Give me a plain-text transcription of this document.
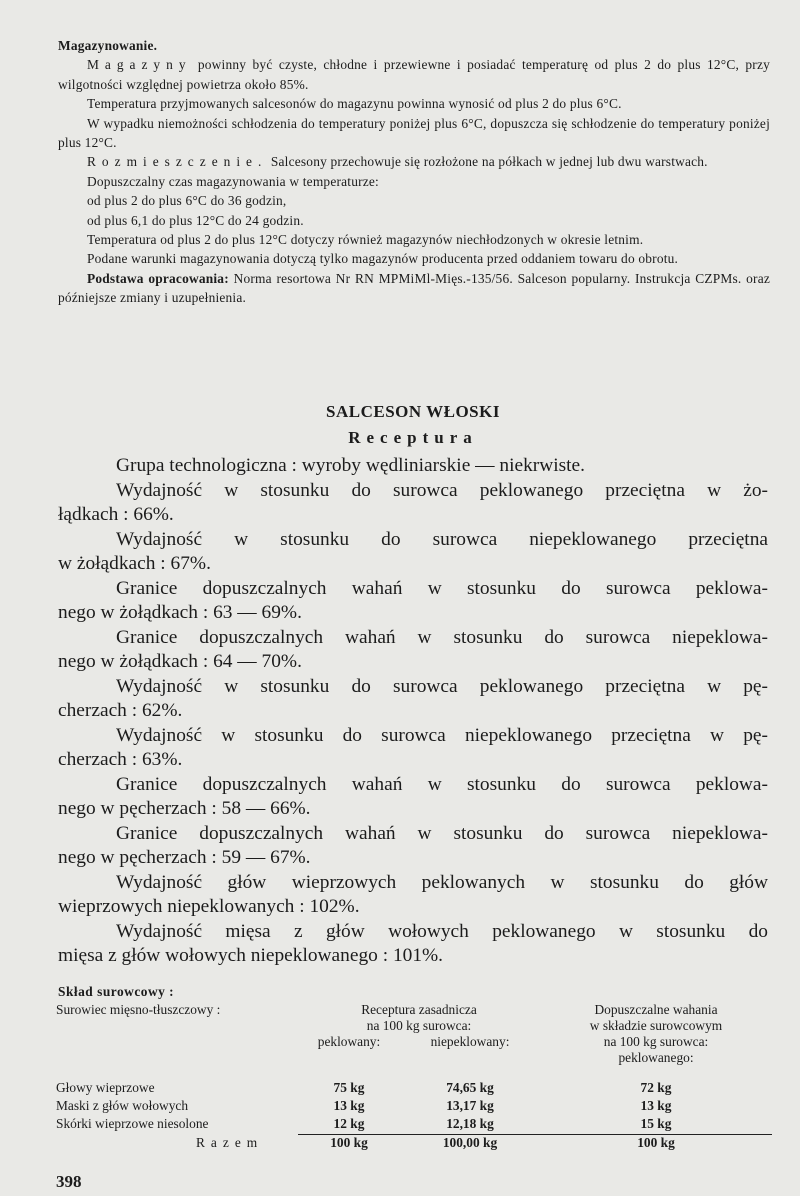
Magazynowanie.

Magazyny powinny być czyste, chłodne i przewiewne i posiadać temperaturę od plus 2 do plus 12°C, przy wilgotności względnej powietrza około 85%.

Temperatura przyjmowanych salcesonów do magazynu powinna wynosić od plus 2 do plus 6°C.

W wypadku niemożności schłodzenia do temperatury poniżej plus 6°C, dopuszcza się schłodzenie do temperatury poniżej plus 12°C.

Rozmieszczenie. Salcesony przechowuje się rozłożone na półkach w jednej lub dwu warstwach.

Dopuszczalny czas magazynowania w temperaturze:

od plus 2 do plus 6°C do 36 godzin,

od plus 6,1 do plus 12°C do 24 godzin.

Temperatura od plus 2 do plus 12°C dotyczy również magazynów niechłodzonych w okresie letnim.

Podane warunki magazynowania dotyczą tylko magazynów producenta przed oddaniem towaru do obrotu.

Podstawa opracowania: Norma resortowa Nr RN MPMiMl-Mięs.-135/56. Salceson popularny. Instrukcja CZPMs. oraz późniejsze zmiany i uzupełnienia.

SALCESON WŁOSKI
Receptura

Grupa technologiczna : wyroby wędliniarskie — niekrwiste.

Wydajność w stosunku do surowca peklowanego przeciętna w żo-

łądkach : 66%.

Wydajność w stosunku do surowca niepeklowanego przeciętna

w żołądkach : 67%.

Granice dopuszczalnych wahań w stosunku do surowca peklowa-

nego w żołądkach : 63 — 69%.

Granice dopuszczalnych wahań w stosunku do surowca niepeklowa-

nego w żołądkach : 64 — 70%.

Wydajność w stosunku do surowca peklowanego przeciętna w pę-

cherzach : 62%.

Wydajność w stosunku do surowca niepeklowanego przeciętna w pę-

cherzach : 63%.

Granice dopuszczalnych wahań w stosunku do surowca peklowa-

nego w pęcherzach : 58 — 66%.

Granice dopuszczalnych wahań w stosunku do surowca niepeklowa-

nego w pęcherzach : 59 — 67%.

Wydajność głów wieprzowych peklowanych w stosunku do głów

wieprzowych niepeklowanych : 102%.

Wydajność mięsa z głów wołowych peklowanego w stosunku do

mięsa z głów wołowych niepeklowanego : 101%.

Skład surowcowy :
Surowiec mięsno-tłuszczowy :	Receptura zasadnicza
na 100 kg surowca:		Dopuszczalne wahania
w składzie surowcowym
	peklowany:	niepeklowany:	na 100 kg surowca:
			peklowanego:

Głowy wieprzowe	75 kg	74,65 kg	72 kg
Maski z głów wołowych	13 kg	13,17 kg	13 kg
Skórki wieprzowe niesolone	12 kg	12,18 kg	15 kg
Razem	100 kg	100,00 kg	100 kg
398
